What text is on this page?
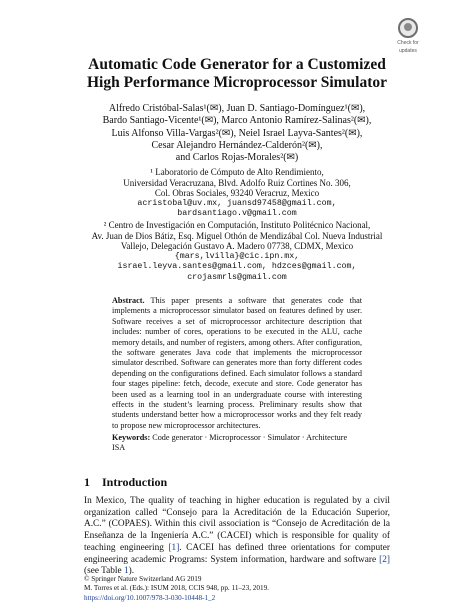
Check for
updates
Automatic Code Generator for a Customized
High Performance Microprocessor Simulator
Alfredo Cristóbal-Salas¹(✉), Juan D. Santiago-Domínguez¹(✉),
Bardo Santiago-Vicente¹(✉), Marco Antonio Ramírez-Salinas²(✉),
Luis Alfonso Villa-Vargas²(✉), Neiel Israel Layva-Santes²(✉),
Cesar Alejandro Hernández-Calderón²(✉),
and Carlos Rojas-Morales²(✉)
¹ Laboratorio de Cómputo de Alto Rendimiento,
Universidad Veracruzana, Blvd. Adolfo Ruiz Cortines No. 306,
Col. Obras Sociales, 93240 Veracruz, Mexico
acristobal@uv.mx, juansd97458@gmail.com,
bardsantiago.v@gmail.com
² Centro de Investigación en Computación, Instituto Politécnico Nacional,
Av. Juan de Dios Bátiz, Esq. Miguel Othón de Mendizábal Col. Nueva Industrial
Vallejo, Delegación Gustavo A. Madero 07738, CDMX, Mexico
{mars,lvilla}@cic.ipn.mx,
israel.leyva.santes@gmail.com, hdzces@gmail.com,
crojasmrls@gmail.com
Abstract. This paper presents a software that generates code that implements a microprocessor simulator based on features defined by user. Software receives a set of microprocessor architecture description that includes: number of cores, operations to be executed in the ALU, cache memory details, and number of registers, among others. After configuration, the software generates Java code that implements the microprocessor simulator described. Software can generates more than forty different codes depending on the configurations defined. Each simulator follows a standard four stages pipeline: fetch, decode, execute and store. Code generator has been used as a learning tool in an undergraduate course with interesting effects in the student’s learning process. Preliminary results show that students understand better how a microprocessor works and they felt ready to propose new microprocessor architectures.
Keywords: Code generator · Microprocessor · Simulator · Architecture ISA
1 Introduction
In Mexico, The quality of teaching in higher education is regulated by a civil organization called “Consejo para la Acreditación de la Educación Superior, A.C.” (COPAES). Within this civil association is “Consejo de Acreditación de la Enseñanza de la Ingeniería A.C.” (CACEI) which is responsible for quality of teaching engineering [1]. CACEI has defined three orientations for computer engineering academic Programs: System information, hardware and software [2] (see Table 1).
© Springer Nature Switzerland AG 2019
M. Torres et al. (Eds.): ISUM 2018, CCIS 948, pp. 11–23, 2019.
https://doi.org/10.1007/978-3-030-10448-1_2
